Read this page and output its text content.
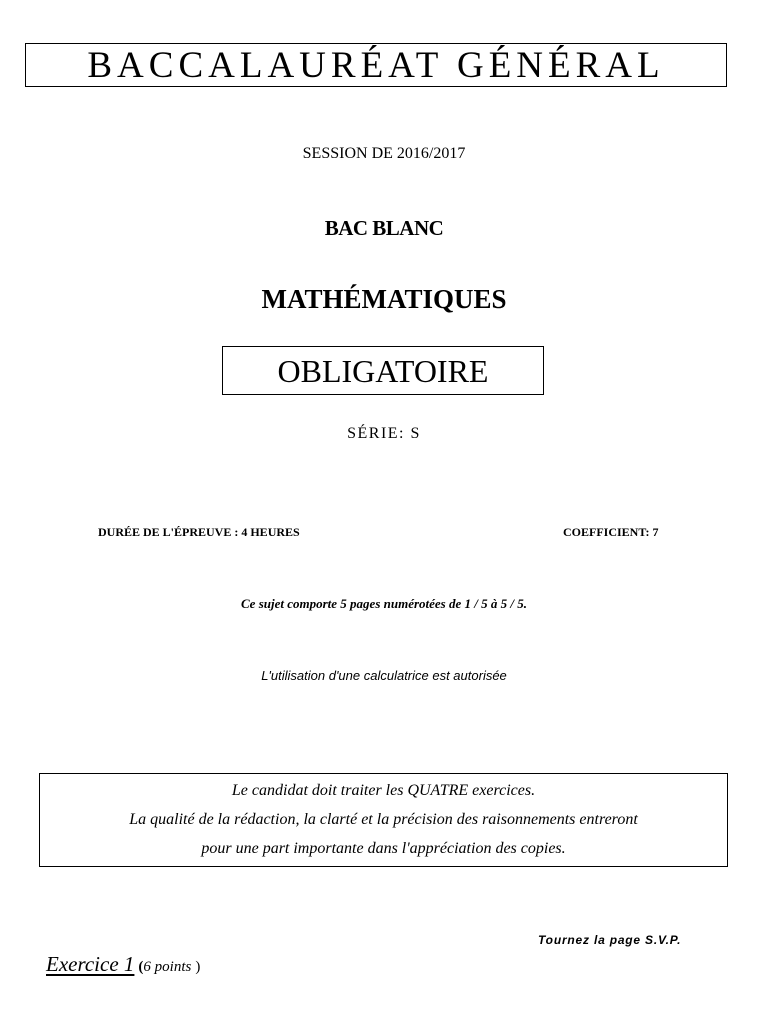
BACCALAURÉAT GÉNÉRAL
SESSION DE 2016/2017
BAC BLANC
MATHÉMATIQUES
OBLIGATOIRE
SÉRIE: S
DURÉE DE L'ÉPREUVE : 4 HEURES	COEFFICIENT: 7
Ce sujet comporte 5 pages numérotées de 1 / 5 à 5 / 5.
L'utilisation d'une calculatrice est autorisée
Le candidat doit traiter les QUATRE exercices.
La qualité de la rédaction, la clarté et la précision des raisonnements entreront
pour une part importante dans l'appréciation des copies.
Tournez la page S.V.P.
Exercice 1 (6 points )
